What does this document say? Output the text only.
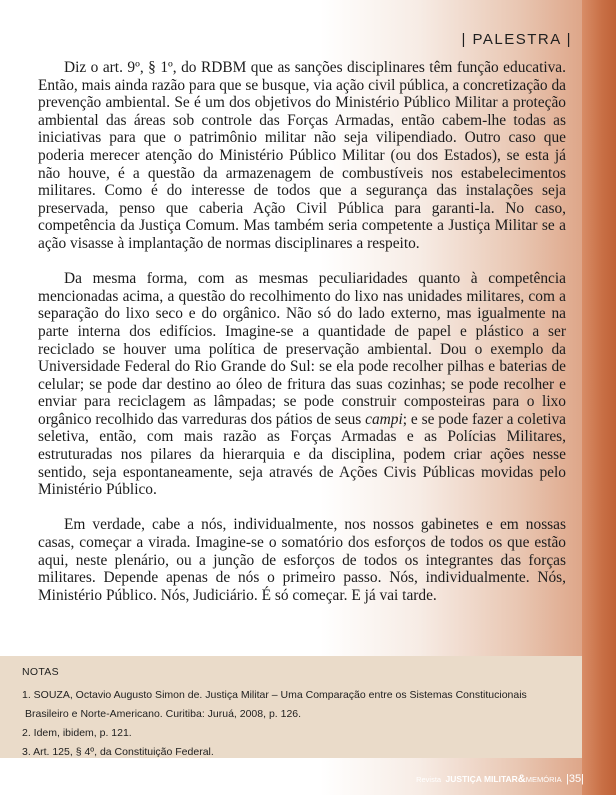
| PALESTRA |

Diz o art. 9º, § 1º, do RDBM que as sanções disciplinares têm função educativa. Então, mais ainda razão para que se busque, via ação civil pública, a concretização da prevenção ambiental. Se é um dos objetivos do Ministério Público Militar a proteção ambiental das áreas sob controle das Forças Armadas, então cabem-lhe todas as iniciativas para que o patrimônio militar não seja vilipendiado. Outro caso que poderia merecer atenção do Ministério Público Militar (ou dos Estados), se esta já não houve, é a questão da armazenagem de combustíveis nos estabelecimentos militares. Como é do interesse de todos que a segurança das instalações seja preservada, penso que caberia Ação Civil Pública para garanti-la. No caso, competência da Justiça Comum. Mas também seria competente a Justiça Militar se a ação visasse à implantação de normas disciplinares a respeito.

Da mesma forma, com as mesmas peculiaridades quanto à competência mencionadas acima, a questão do recolhimento do lixo nas unidades militares, com a separação do lixo seco e do orgânico. Não só do lado externo, mas igualmente na parte interna dos edifícios. Imagine-se a quantidade de papel e plástico a ser reciclado se houver uma política de preservação ambiental. Dou o exemplo da Universidade Federal do Rio Grande do Sul: se ela pode recolher pilhas e baterias de celular; se pode dar destino ao óleo de fritura das suas cozinhas; se pode recolher e enviar para reciclagem as lâmpadas; se pode construir composteiras para o lixo orgânico recolhido das varreduras dos pátios de seus campi; e se pode fazer a coletiva seletiva, então, com mais razão as Forças Armadas e as Polícias Militares, estruturadas nos pilares da hierarquia e da disciplina, podem criar ações nesse sentido, seja espontaneamente, seja através de Ações Civis Públicas movidas pelo Ministério Público.

Em verdade, cabe a nós, individualmente, nos nossos gabinetes e em nossas casas, começar a virada. Imagine-se o somatório dos esforços de todos os que estão aqui, neste plenário, ou a junção de esforços de todos os integrantes das forças militares. Depende apenas de nós o primeiro passo. Nós, individualmente. Nós, Ministério Público. Nós, Judiciário. É só começar. E já vai tarde.

NOTAS
1. SOUZA, Octavio Augusto Simon de. Justiça Militar – Uma Comparação entre os Sistemas Constitucionais
Brasileiro e Norte-Americano. Curitiba: Juruá, 2008, p. 126.
2. Idem, ibidem, p. 121.
3. Art. 125, § 4º, da Constituição Federal.
Revista JUSTIÇA MILITAR&MEMÓRIA |35|
